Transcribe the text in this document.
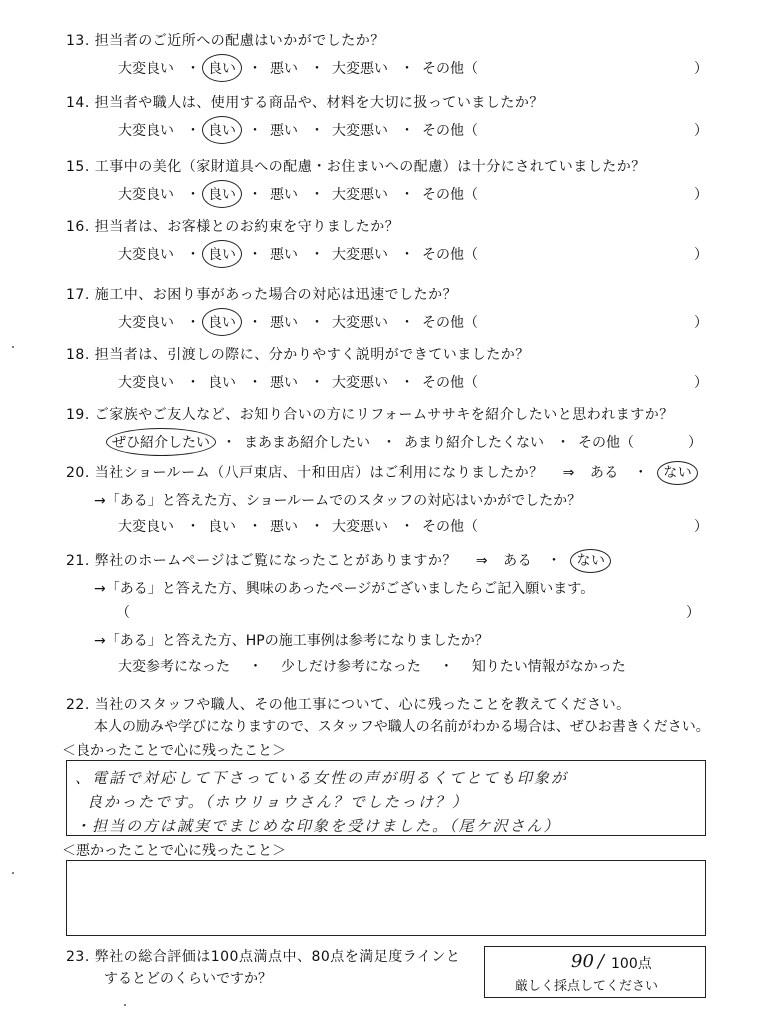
13. 担当者のご近所への配慮はいかがでしたか？
大変良い ・ 良い ・ 悪い ・ 大変悪い ・ その他（	）
14. 担当者や職人は、使用する商品や、材料を大切に扱っていましたか？
大変良い ・ 良い ・ 悪い ・ 大変悪い ・ その他（	）
15. 工事中の美化（家財道具への配慮・お住まいへの配慮）は十分にされていましたか？
大変良い ・ 良い ・ 悪い ・ 大変悪い ・ その他（	）
16. 担当者は、お客様とのお約束を守りましたか？
大変良い ・ 良い ・ 悪い ・ 大変悪い ・ その他（	）
17. 施工中、お困り事があった場合の対応は迅速でしたか？
大変良い ・ 良い ・ 悪い ・ 大変悪い ・ その他（	）
18. 担当者は、引渡しの際に、分かりやすく説明ができていましたか？
大変良い ・ 良い ・ 悪い ・ 大変悪い ・ その他（	）
19. ご家族やご友人など、お知り合いの方にリフォームササキを紹介したいと思われますか？
ぜひ紹介したい ・ まあまあ紹介したい ・ あまり紹介したくない ・ その他（	）
20. 当社ショールーム（八戸東店、十和田店）はご利用になりましたか？ ⇒ ある ・ ない
→「ある」と答えた方、ショールームでのスタッフの対応はいかがでしたか？
大変良い ・ 良い ・ 悪い ・ 大変悪い ・ その他（	）
21. 弊社のホームページはご覧になったことがありますか？ ⇒ ある ・ ない
→「ある」と答えた方、興味のあったページがございましたらご記入願います。
（	）
→「ある」と答えた方、HPの施工事例は参考になりましたか？
大変参考になった ・ 少しだけ参考になった ・ 知りたい情報がなかった
22. 当社のスタッフや職人、その他工事について、心に残ったことを教えてください。
本人の励みや学びになりますので、スタッフや職人の名前がわかる場合は、ぜひお書きください。
＜良かったことで心に残ったこと＞
、電話で対応して下さっている女性の声が明るくてとても印象が
良かったです。（ホウリョウさん？でしたっけ？）
・担当の方は誠実でまじめな印象を受けました。（尾ケ沢さん）
＜悪かったことで心に残ったこと＞
23. 弊社の総合評価は100点満点中、80点を満足度ラインと
するとどのくらいですか？
90 / 100点
厳しく採点してください
